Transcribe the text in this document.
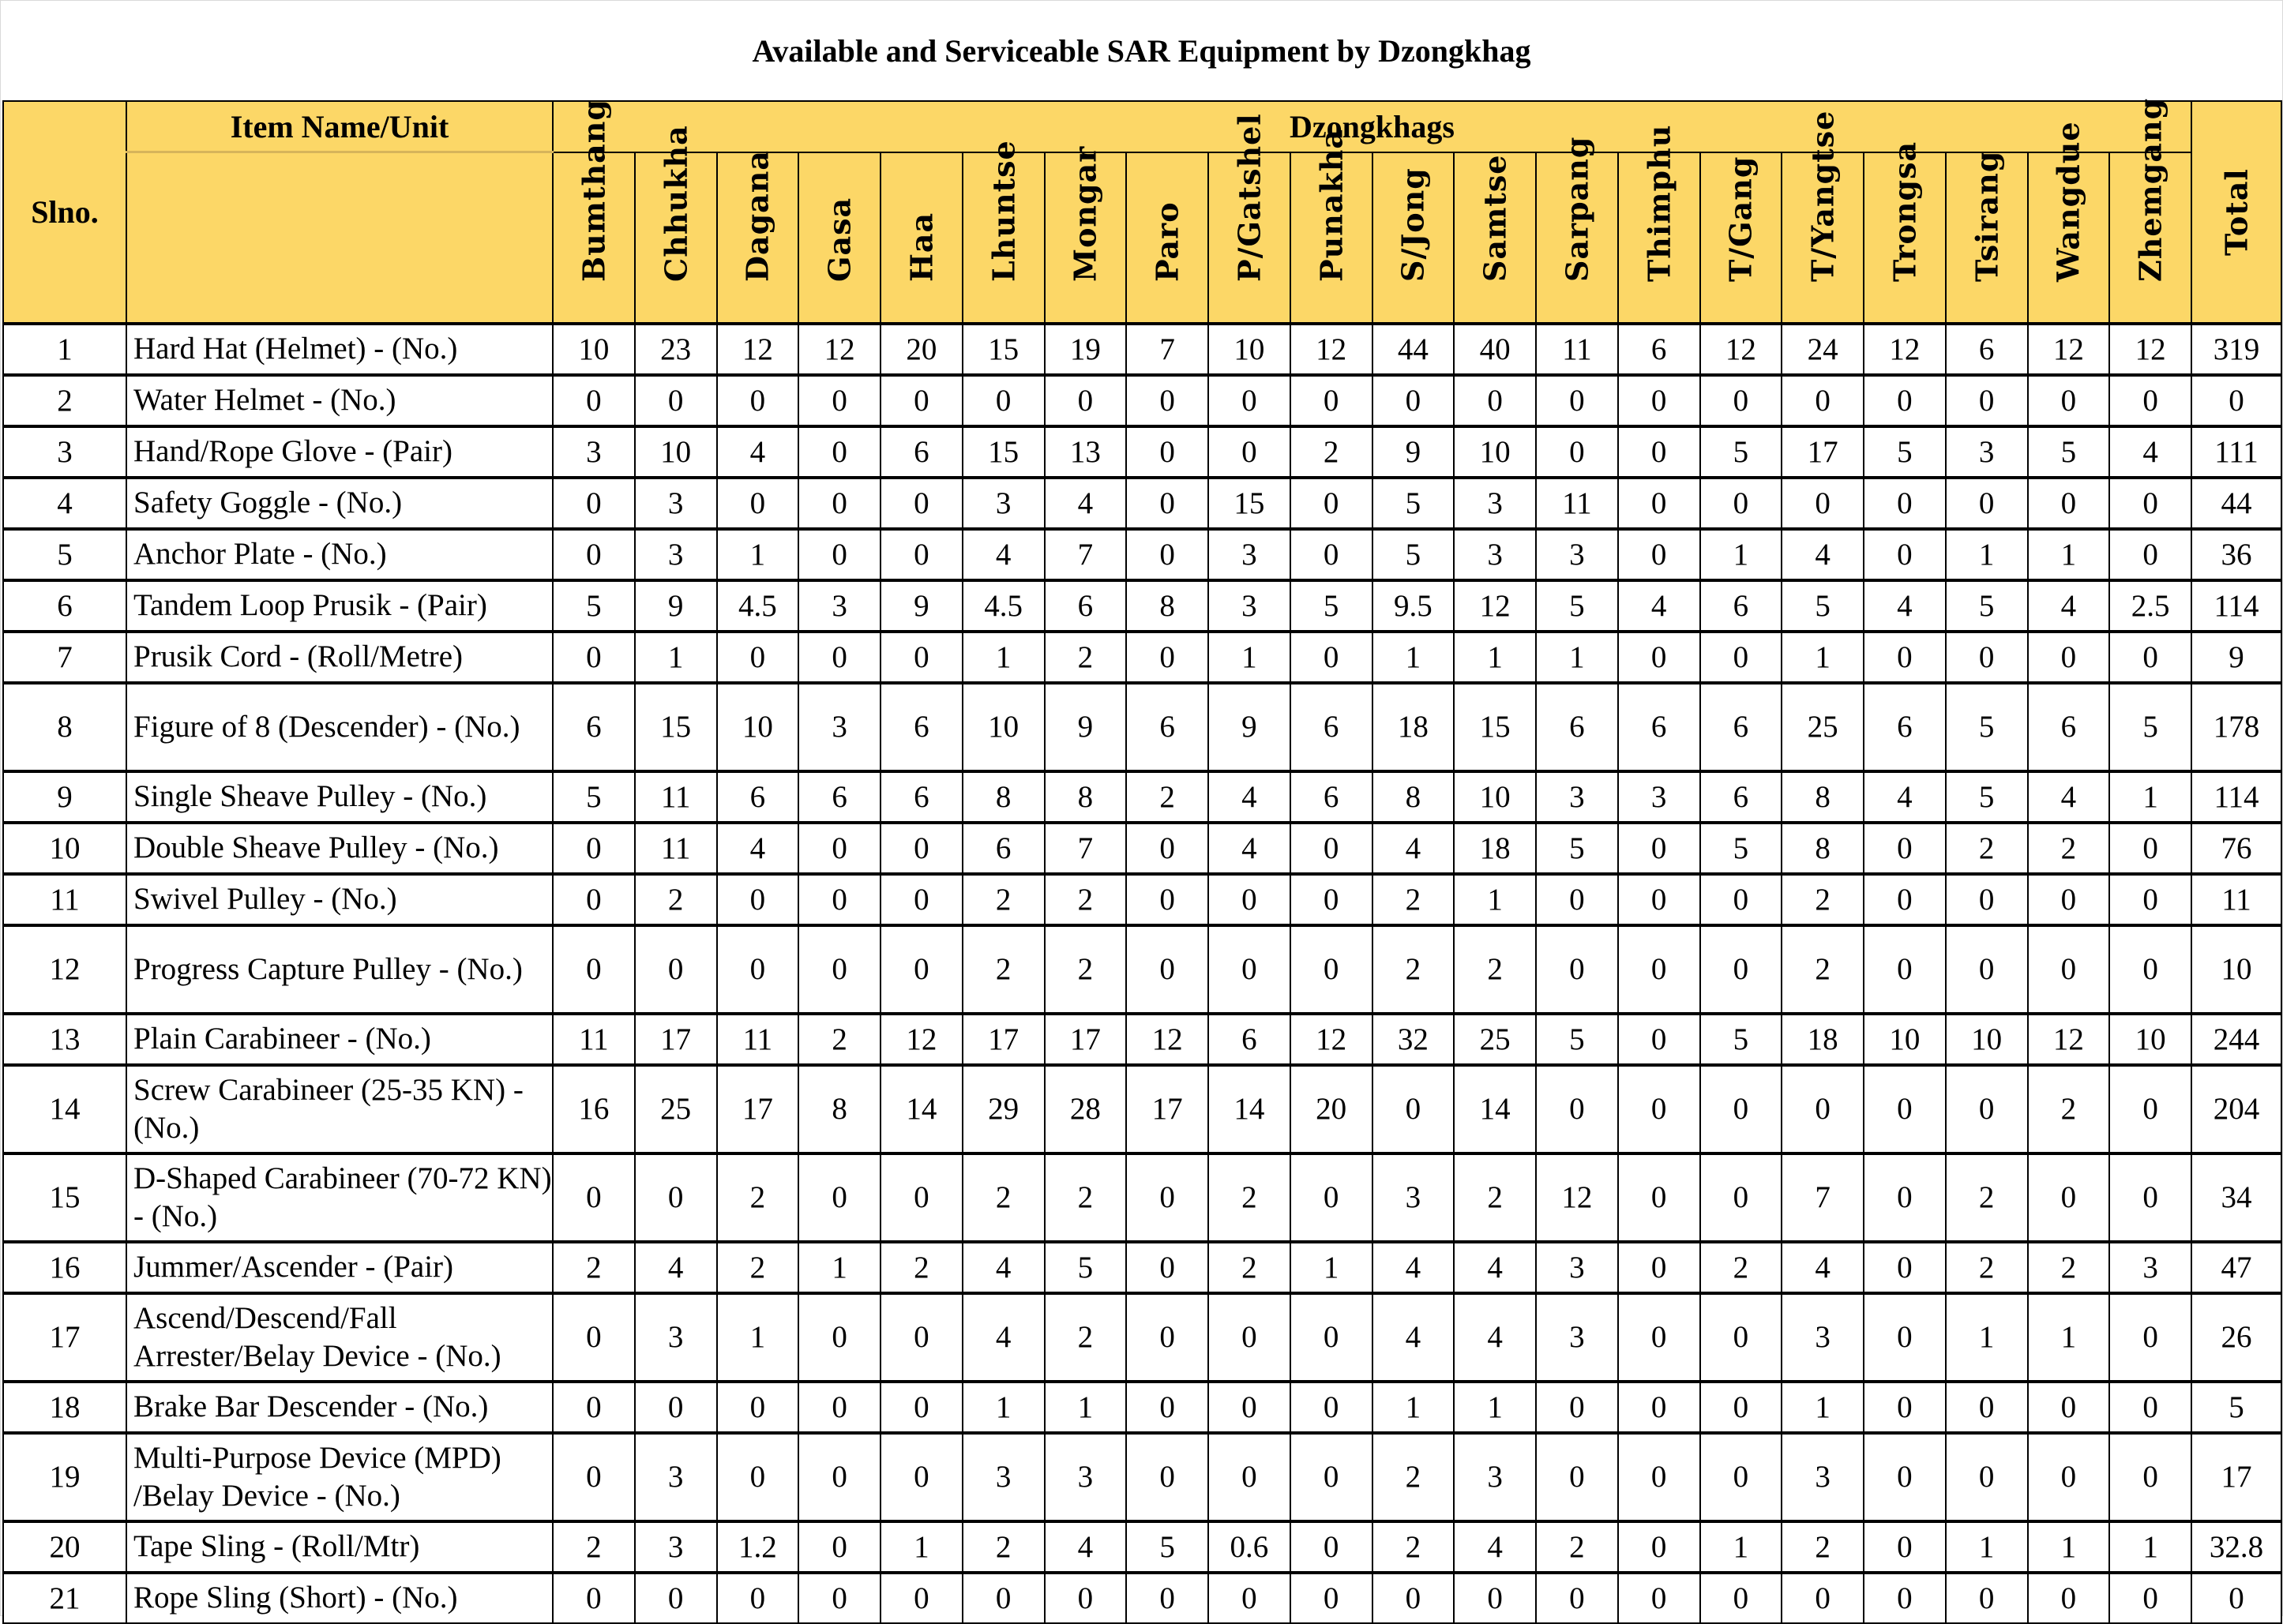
Available and Serviceable SAR Equipment by Dzongkhag
Slno.	Item Name/Unit	Dzongkhags																				Total

		Bumthang	Chhukha	Dagana	Gasa	Haa	Lhuntse	Mongar	Paro	P/Gatshel	Punakha	S/Jong	Samtse	Sarpang	Thimphu	T/Gang	T/Yangtse	Trongsa	Tsirang	Wangdue	Zhemgang	

1	Hard Hat (Helmet) - (No.)	10	23	12	12	20	15	19	7	10	12	44	40	11	6	12	24	12	6	12	12	319
2	Water Helmet - (No.)	0	0	0	0	0	0	0	0	0	0	0	0	0	0	0	0	0	0	0	0	0
3	Hand/Rope Glove - (Pair)	3	10	4	0	6	15	13	0	0	2	9	10	0	0	5	17	5	3	5	4	111
4	Safety Goggle - (No.)	0	3	0	0	0	3	4	0	15	0	5	3	11	0	0	0	0	0	0	0	44
5	Anchor Plate - (No.)	0	3	1	0	0	4	7	0	3	0	5	3	3	0	1	4	0	1	1	0	36
6	Tandem Loop Prusik - (Pair)	5	9	4.5	3	9	4.5	6	8	3	5	9.5	12	5	4	6	5	4	5	4	2.5	114
7	Prusik Cord - (Roll/Metre)	0	1	0	0	0	1	2	0	1	0	1	1	1	0	0	1	0	0	0	0	9
8	Figure of 8 (Descender) - (No.)	6	15	10	3	6	10	9	6	9	6	18	15	6	6	6	25	6	5	6	5	178
9	Single Sheave Pulley - (No.)	5	11	6	6	6	8	8	2	4	6	8	10	3	3	6	8	4	5	4	1	114
10	Double Sheave Pulley - (No.)	0	11	4	0	0	6	7	0	4	0	4	18	5	0	5	8	0	2	2	0	76
11	Swivel Pulley - (No.)	0	2	0	0	0	2	2	0	0	0	2	1	0	0	0	2	0	0	0	0	11
12	Progress Capture Pulley - (No.)	0	0	0	0	0	2	2	0	0	0	2	2	0	0	0	2	0	0	0	0	10
13	Plain Carabineer - (No.)	11	17	11	2	12	17	17	12	6	12	32	25	5	0	5	18	10	10	12	10	244
14	Screw Carabineer (25-35 KN) - (No.)	16	25	17	8	14	29	28	17	14	20	0	14	0	0	0	0	0	0	2	0	204
15	D-Shaped Carabineer (70-72 KN) - (No.)	0	0	2	0	0	2	2	0	2	0	3	2	12	0	0	7	0	2	0	0	34
16	Jummer/Ascender - (Pair)	2	4	2	1	2	4	5	0	2	1	4	4	3	0	2	4	0	2	2	3	47
17	Ascend/Descend/Fall Arrester/Belay Device - (No.)	0	3	1	0	0	4	2	0	0	0	4	4	3	0	0	3	0	1	1	0	26
18	Brake Bar Descender - (No.)	0	0	0	0	0	1	1	0	0	0	1	1	0	0	0	1	0	0	0	0	5
19	Multi-Purpose Device (MPD) /Belay Device - (No.)	0	3	0	0	0	3	3	0	0	0	2	3	0	0	0	3	0	0	0	0	17
20	Tape Sling - (Roll/Mtr)	2	3	1.2	0	1	2	4	5	0.6	0	2	4	2	0	1	2	0	1	1	1	32.8
21	Rope Sling (Short) - (No.)	0	0	0	0	0	0	0	0	0	0	0	0	0	0	0	0	0	0	0	0	0
